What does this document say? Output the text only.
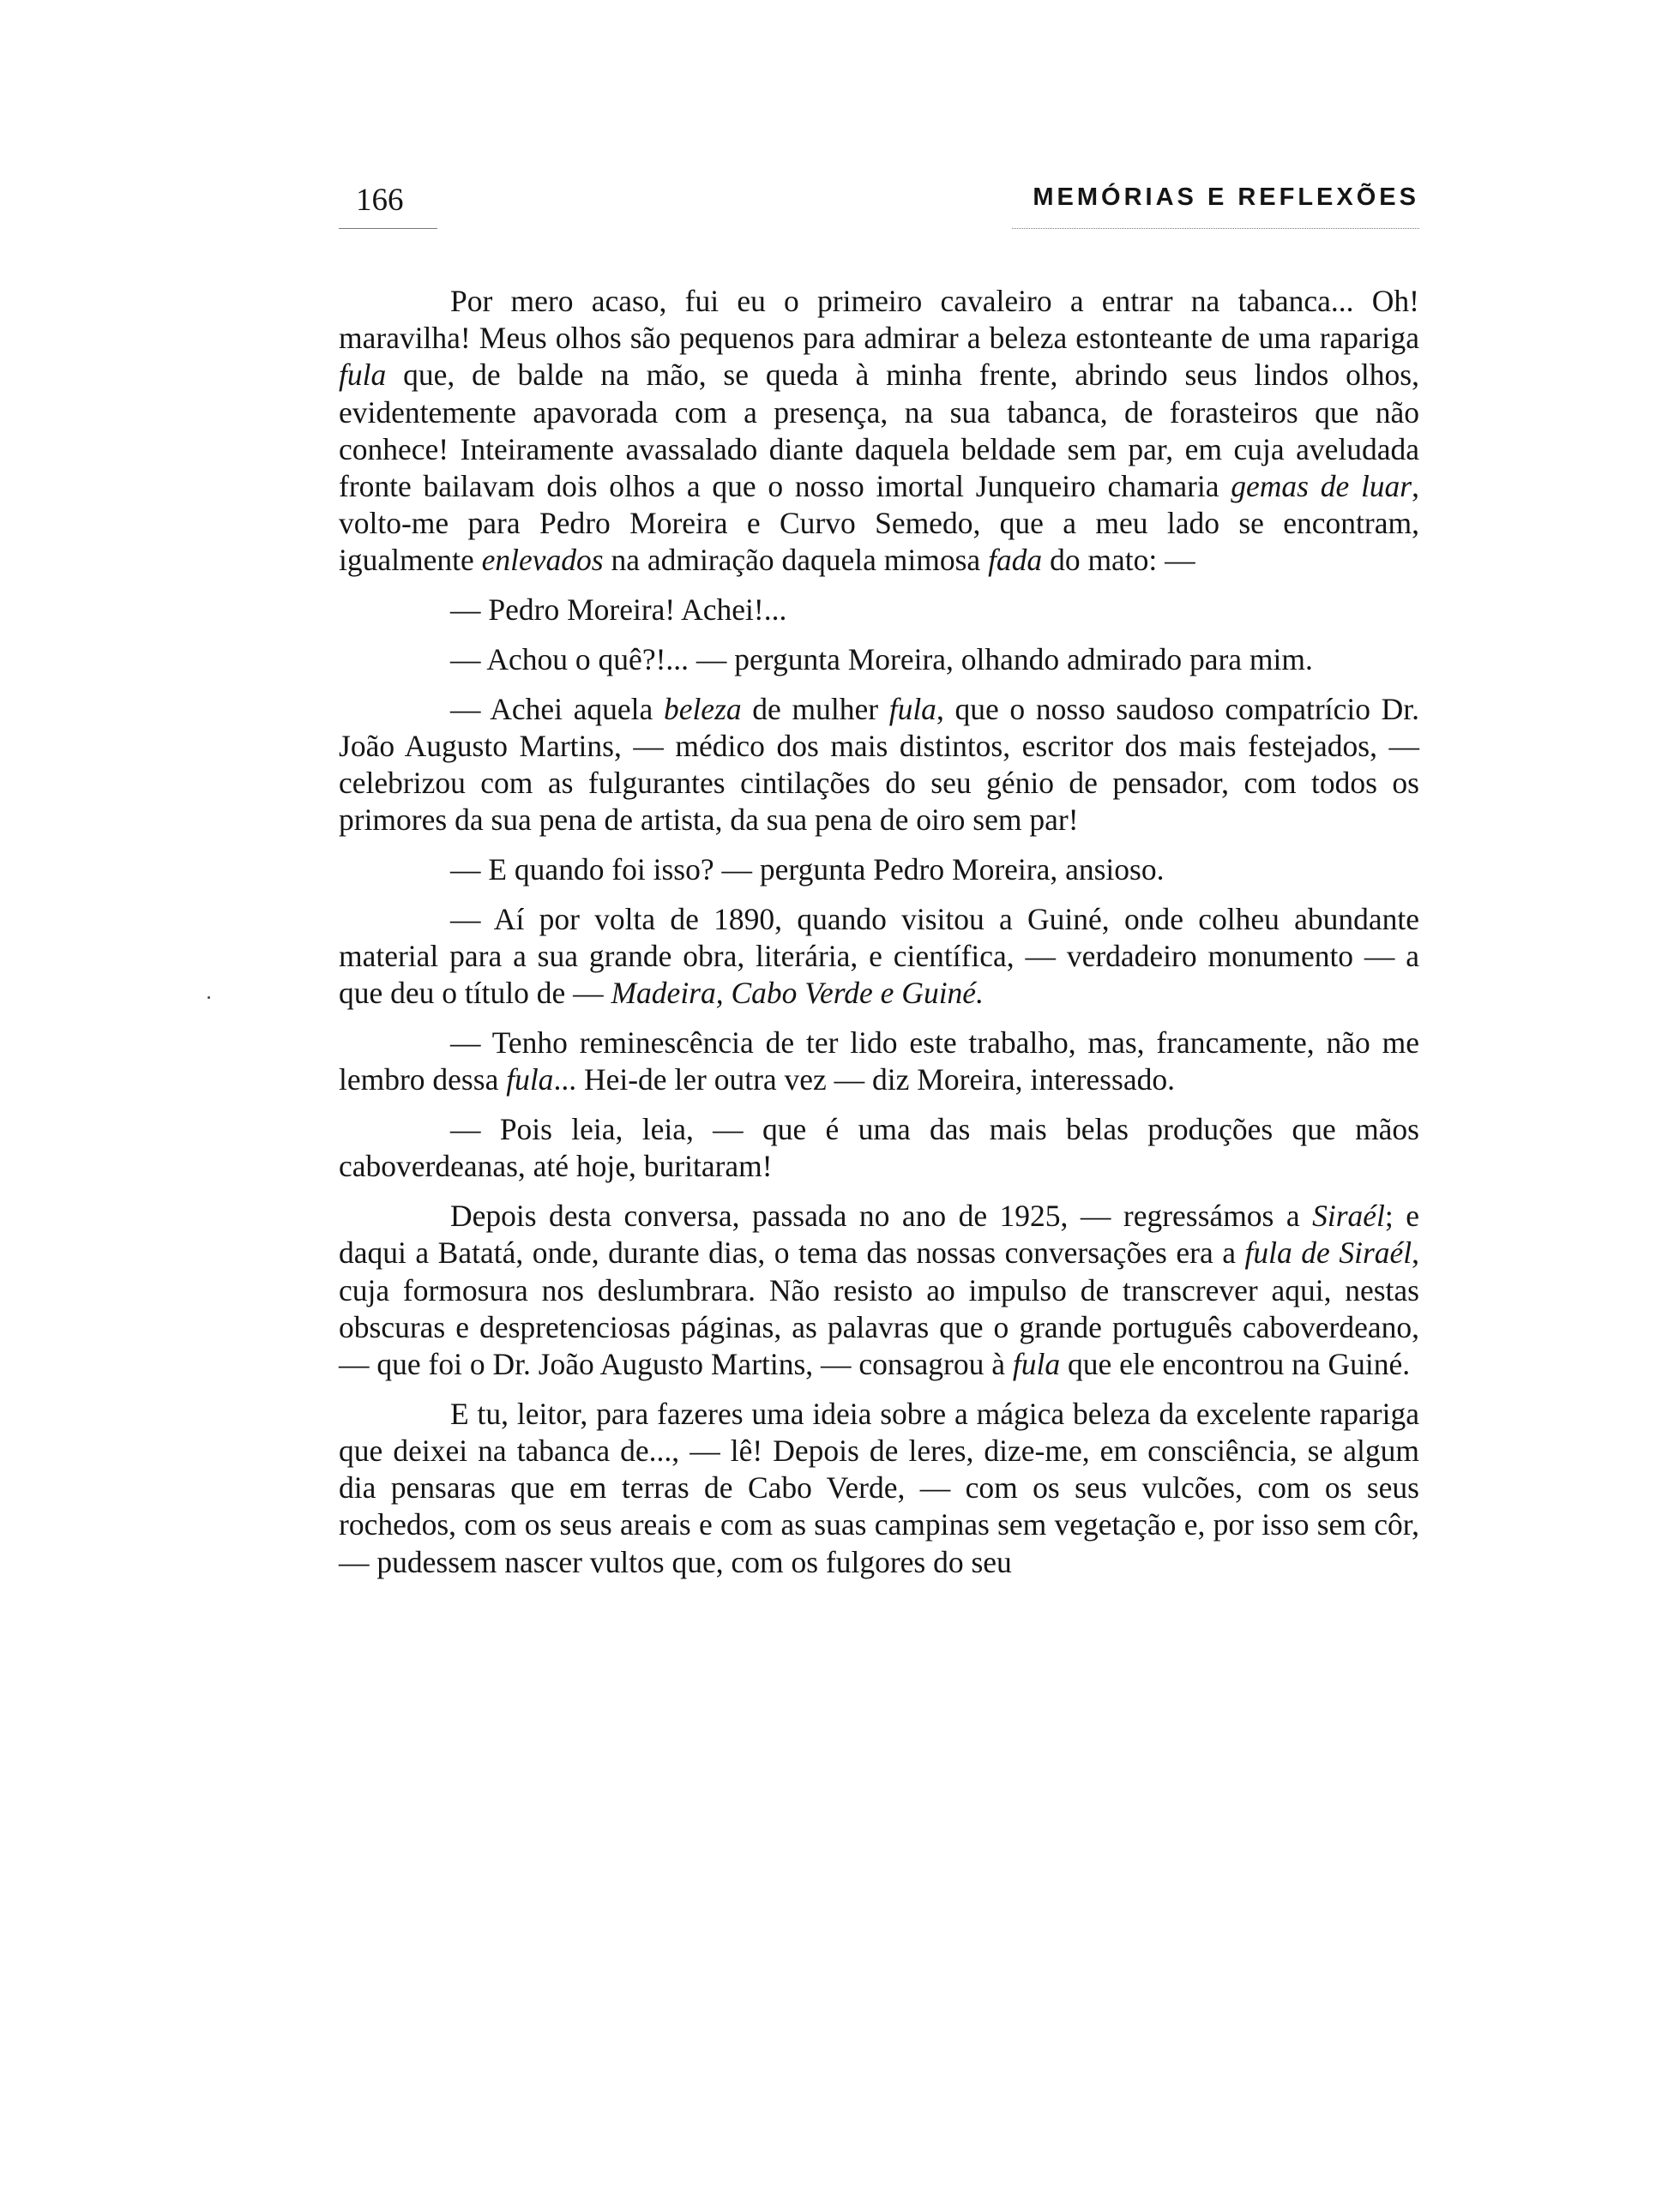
166	MEMÓRIAS E REFLEXÕES

Por mero acaso, fui eu o primeiro cavaleiro a entrar na tabanca... Oh! maravilha! Meus olhos são pequenos para admirar a beleza estonteante de uma rapariga fula que, de balde na mão, se queda à minha frente, abrindo seus lindos olhos, evidentemente apavorada com a presença, na sua tabanca, de forasteiros que não conhece! Inteiramente avassalado diante daquela beldade sem par, em cuja aveludada fronte bailavam dois olhos a que o nosso imortal Junqueiro chamaria gemas de luar, volto-me para Pedro Moreira e Curvo Semedo, que a meu lado se encontram, igualmente enlevados na admiração daquela mimosa fada do mato: —

— Pedro Moreira! Achei!...

— Achou o quê?!... — pergunta Moreira, olhando admirado para mim.

— Achei aquela beleza de mulher fula, que o nosso saudoso compatrício Dr. João Augusto Martins, — médico dos mais distintos, escritor dos mais festejados, — celebrizou com as fulgurantes cintilações do seu génio de pensador, com todos os primores da sua pena de artista, da sua pena de oiro sem par!

— E quando foi isso? — pergunta Pedro Moreira, ansioso.

— Aí por volta de 1890, quando visitou a Guiné, onde colheu abundante material para a sua grande obra, literária, e científica, — verdadeiro monumento — a que deu o título de — Madeira, Cabo Verde e Guiné.

— Tenho reminescência de ter lido este trabalho, mas, francamente, não me lembro dessa fula... Hei-de ler outra vez — diz Moreira, interessado.

— Pois leia, leia, — que é uma das mais belas produções que mãos caboverdeanas, até hoje, buritaram!

Depois desta conversa, passada no ano de 1925, — regressámos a Siraél; e daqui a Batatá, onde, durante dias, o tema das nossas conversações era a fula de Siraél, cuja formosura nos deslumbrara. Não resisto ao impulso de transcrever aqui, nestas obscuras e despretenciosas páginas, as palavras que o grande português caboverdeano, — que foi o Dr. João Augusto Martins, — consagrou à fula que ele encontrou na Guiné.

E tu, leitor, para fazeres uma ideia sobre a mágica beleza da excelente rapariga que deixei na tabanca de..., — lê! Depois de leres, dize-me, em consciência, se algum dia pensaras que em terras de Cabo Verde, — com os seus vulcões, com os seus rochedos, com os seus areais e com as suas campinas sem vegetação e, por isso sem côr, — pudessem nascer vultos que, com os fulgores do seu
